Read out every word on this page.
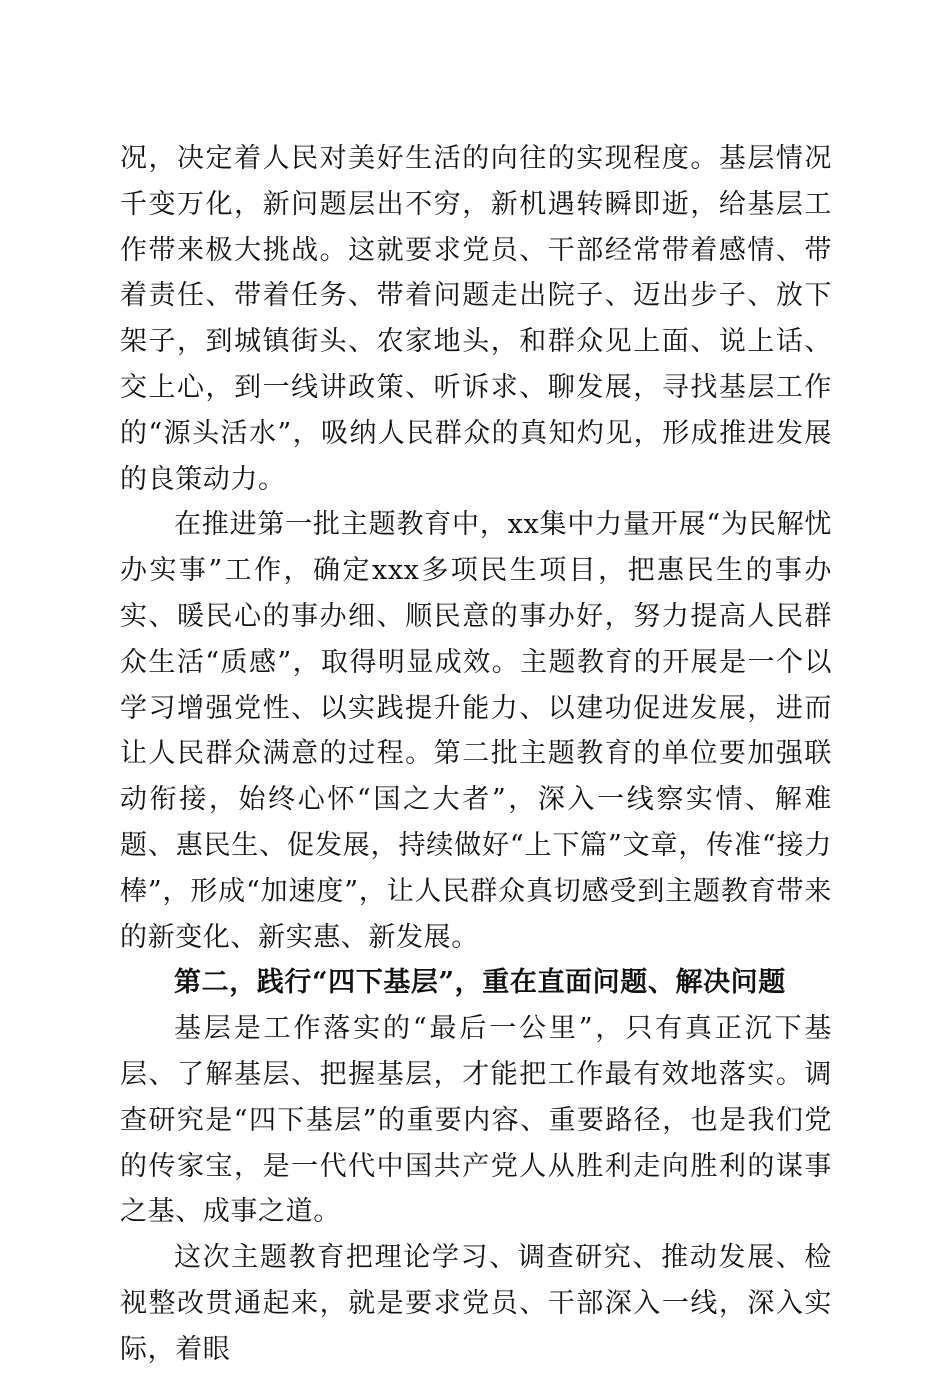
况，决定着人民对美好生活的向往的实现程度。基层情况千变万化，新问题层出不穷，新机遇转瞬即逝，给基层工作带来极大挑战。这就要求党员、干部经常带着感情、带着责任、带着任务、带着问题走出院子、迈出步子、放下架子，到城镇街头、农家地头，和群众见上面、说上话、交上心，到一线讲政策、听诉求、聊发展，寻找基层工作的“源头活水”，吸纳人民群众的真知灼见，形成推进发展的良策动力。

在推进第一批主题教育中，xx集中力量开展“为民解忧办实事”工作，确定xxx多项民生项目，把惠民生的事办实、暖民心的事办细、顺民意的事办好，努力提高人民群众生活“质感”，取得明显成效。主题教育的开展是一个以学习增强党性、以实践提升能力、以建功促进发展，进而让人民群众满意的过程。第二批主题教育的单位要加强联动衔接，始终心怀“国之大者”，深入一线察实情、解难题、惠民生、促发展，持续做好“上下篇”文章，传准“接力棒”，形成“加速度”，让人民群众真切感受到主题教育带来的新变化、新实惠、新发展。

第二，践行“四下基层”，重在直面问题、解决问题

基层是工作落实的“最后一公里”，只有真正沉下基层、了解基层、把握基层，才能把工作最有效地落实。调查研究是“四下基层”的重要内容、重要路径，也是我们党的传家宝，是一代代中国共产党人从胜利走向胜利的谋事之基、成事之道。

这次主题教育把理论学习、调查研究、推动发展、检视整改贯通起来，就是要求党员、干部深入一线，深入实际，着眼
